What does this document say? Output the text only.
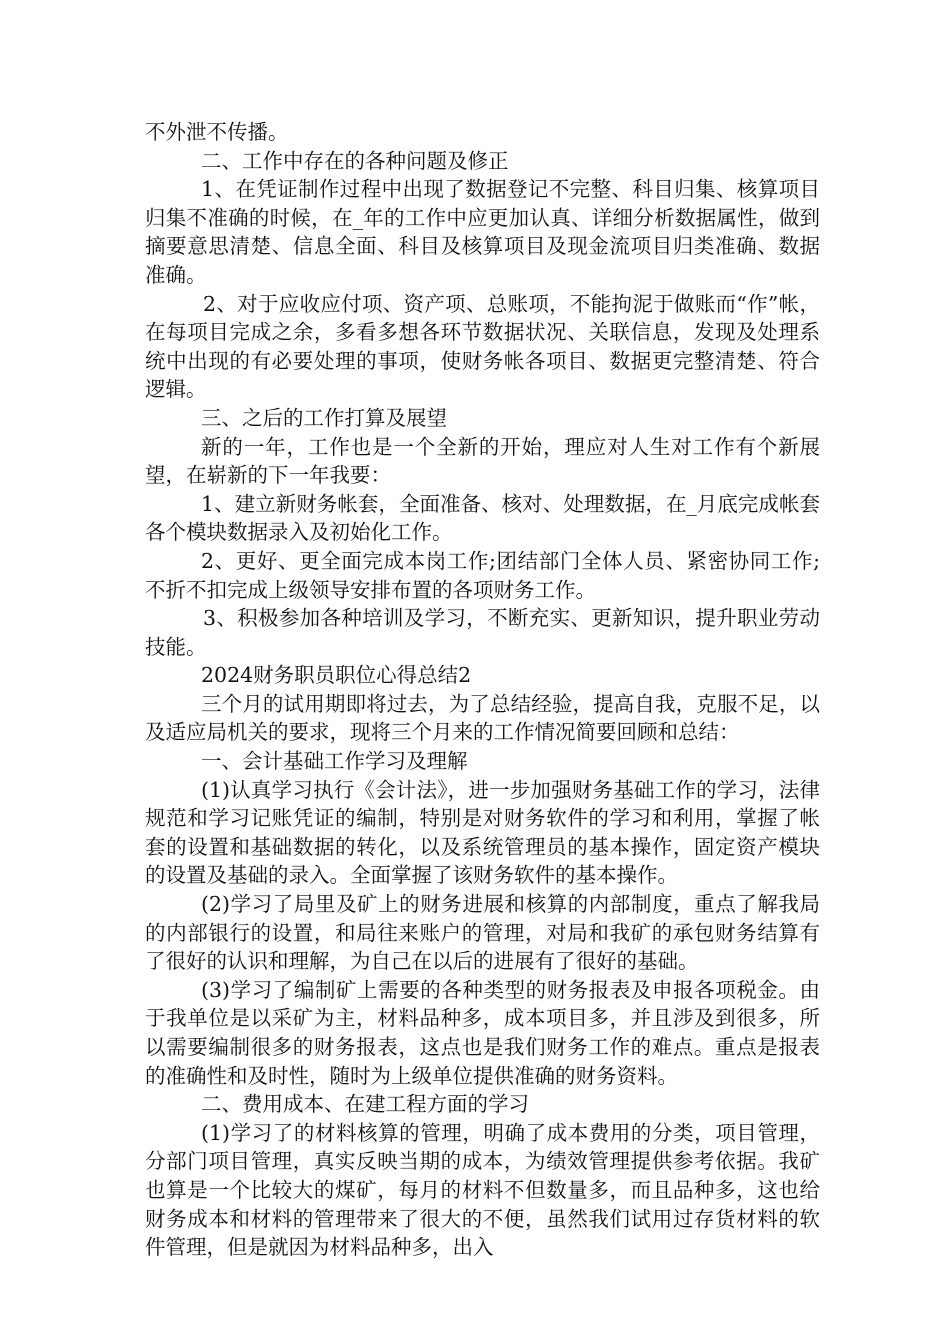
不外泄不传播。

二、工作中存在的各种问题及修正

1、在凭证制作过程中出现了数据登记不完整、科目归集、核算项目归集不准确的时候，在_年的工作中应更加认真、详细分析数据属性，做到摘要意思清楚、信息全面、科目及核算项目及现金流项目归类准确、数据准确。

2、对于应收应付项、资产项、总账项，不能拘泥于做账而“作”帐，在每项目完成之余，多看多想各环节数据状况、关联信息，发现及处理系统中出现的有必要处理的事项，使财务帐各项目、数据更完整清楚、符合逻辑。

三、之后的工作打算及展望

新的一年，工作也是一个全新的开始，理应对人生对工作有个新展望，在崭新的下一年我要：

1、建立新财务帐套，全面准备、核对、处理数据，在_月底完成帐套各个模块数据录入及初始化工作。

2、更好、更全面完成本岗工作;团结部门全体人员、紧密协同工作;不折不扣完成上级领导安排布置的各项财务工作。

3、积极参加各种培训及学习，不断充实、更新知识，提升职业劳动技能。

2024财务职员职位心得总结2

三个月的试用期即将过去，为了总结经验，提高自我，克服不足，以及适应局机关的要求，现将三个月来的工作情况简要回顾和总结：

一、会计基础工作学习及理解

(1)认真学习执行《会计法》，进一步加强财务基础工作的学习，法律规范和学习记账凭证的编制，特别是对财务软件的学习和利用，掌握了帐套的设置和基础数据的转化，以及系统管理员的基本操作，固定资产模块的设置及基础的录入。全面掌握了该财务软件的基本操作。

(2)学习了局里及矿上的财务进展和核算的内部制度，重点了解我局的内部银行的设置，和局往来账户的管理，对局和我矿的承包财务结算有了很好的认识和理解，为自己在以后的进展有了很好的基础。

(3)学习了编制矿上需要的各种类型的财务报表及申报各项税金。由于我单位是以采矿为主，材料品种多，成本项目多，并且涉及到很多，所以需要编制很多的财务报表，这点也是我们财务工作的难点。重点是报表的准确性和及时性，随时为上级单位提供准确的财务资料。

二、费用成本、在建工程方面的学习

(1)学习了的材料核算的管理，明确了成本费用的分类，项目管理，分部门项目管理，真实反映当期的成本，为绩效管理提供参考依据。我矿也算是一个比较大的煤矿，每月的材料不但数量多，而且品种多，这也给财务成本和材料的管理带来了很大的不便，虽然我们试用过存货材料的软件管理，但是就因为材料品种多，出入
